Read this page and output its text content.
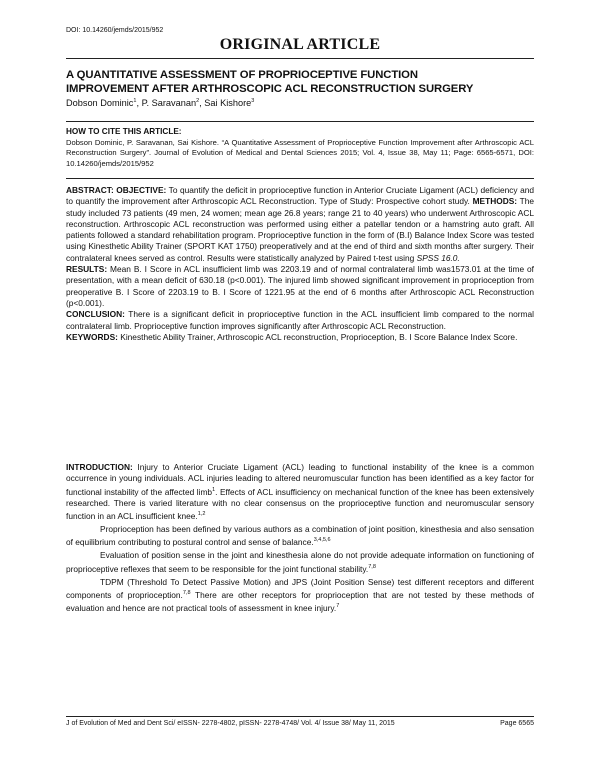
DOI: 10.14260/jemds/2015/952
ORIGINAL ARTICLE
A QUANTITATIVE ASSESSMENT OF PROPRIOCEPTIVE FUNCTION
IMPROVEMENT AFTER ARTHROSCOPIC ACL RECONSTRUCTION SURGERY
Dobson Dominic$^1$, P. Saravanan$^2$, Sai Kishore$^3$
HOW TO CITE THIS ARTICLE:
Dobson Dominic, P. Saravanan, Sai Kishore. “A Quantitative Assessment of Proprioceptive Function Improvement after Arthroscopic ACL Reconstruction Surgery”. Journal of Evolution of Medical and Dental Sciences 2015; Vol. 4, Issue 38, May 11; Page: 6565-6571, DOI: 10.14260/jemds/2015/952

ABSTRACT: OBJECTIVE: To quantify the deficit in proprioceptive function in Anterior Cruciate Ligament (ACL) deficiency and to quantify the improvement after Arthroscopic ACL Reconstruction. Type of Study: Prospective cohort study. METHODS: The study included 73 patients (49 men, 24 women; mean age 26.8 years; range 21 to 40 years) who underwent Arthroscopic ACL reconstruction. Arthroscopic ACL reconstruction was performed using either a patellar tendon or a hamstring auto graft. All patients followed a standard rehabilitation program. Proprioceptive function in the form of (B.I) Balance Index Score was tested using Kinesthetic Ability Trainer (SPORT KAT 1750) preoperatively and at the end of third and sixth months after surgery. Their contralateral knees served as control. Results were statistically analyzed by Paired t-test using SPSS 16.0.

RESULTS: Mean B. I Score in ACL insufficient limb was 2203.19 and of normal contralateral limb was1573.01 at the time of presentation, with a mean deficit of 630.18 (p<0.001). The injured limb showed significant improvement in proprioception from preoperative B. I Score of 2203.19 to B. I Score of 1221.95 at the end of 6 months after Arthroscopic ACL Reconstruction (p<0.001).

CONCLUSION: There is a significant deficit in proprioceptive function in the ACL insufficient limb compared to the normal contralateral limb. Proprioceptive function improves significantly after Arthroscopic ACL Reconstruction.

KEYWORDS: Kinesthetic Ability Trainer, Arthroscopic ACL reconstruction, Proprioception, B. I Score Balance Index Score.

INTRODUCTION: Injury to Anterior Cruciate Ligament (ACL) leading to functional instability of the knee is a common occurrence in young individuals. ACL injuries leading to altered neuromuscular function has been identified as a key factor for functional instability of the affected limb$^1$. Effects of ACL insufficiency on mechanical function of the knee has been extensively researched. There is varied literature with no clear consensus on the proprioceptive function and neuromuscular sensory function in an ACL insufficient knee.$^{1,2}$

Proprioception has been defined by various authors as a combination of joint position, kinesthesia and also sensation of equilibrium contributing to postural control and sense of balance.$^{3,4,5,6}$

Evaluation of position sense in the joint and kinesthesia alone do not provide adequate information on functioning of proprioceptive reflexes that seem to be responsible for the joint functional stability.$^{7,8}$

TDPM (Threshold To Detect Passive Motion) and JPS (Joint Position Sense) test different receptors and different components of proprioception.$^{7,8}$ There are other receptors for proprioception that are not tested by these methods of evaluation and hence are not practical tools of assessment in knee injury.$^7$

J of Evolution of Med and Dent Sci/ eISSN- 2278-4802, pISSN- 2278-4748/ Vol. 4/ Issue 38/ May 11, 2015	Page 6565
